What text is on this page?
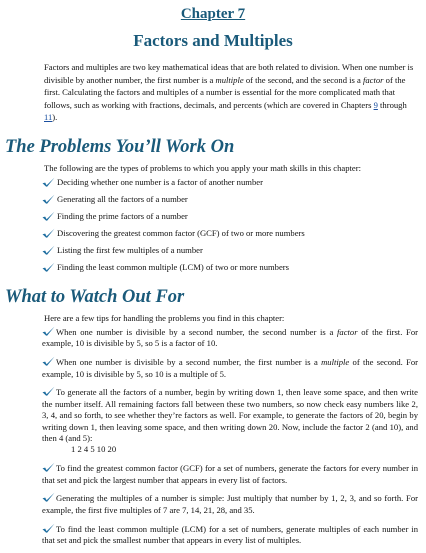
Chapter 7
Factors and Multiples

Factors and multiples are two key mathematical ideas that are both related to division. When one number is divisible by another number, the first number is a multiple of the second, and the second is a factor of the first. Calculating the factors and multiples of a number is essential for the more complicated math that follows, such as working with fractions, decimals, and percents (which are covered in Chapters 9 through 11).

The Problems You’ll Work On

The following are the types of problems to which you apply your math skills in this chapter:

Deciding whether one number is a factor of another number
Generating all the factors of a number
Finding the prime factors of a number
Discovering the greatest common factor (GCF) of two or more numbers
Listing the first few multiples of a number
Finding the least common multiple (LCM) of two or more numbers
What to Watch Out For

Here are a few tips for handling the problems you find in this chapter:

When one number is divisible by a second number, the second number is a factor of the first. For example, 10 is divisible by 5, so 5 is a factor of 10.
When one number is divisible by a second number, the first number is a multiple of the second. For example, 10 is divisible by 5, so 10 is a multiple of 5.
To generate all the factors of a number, begin by writing down 1, then leave some space, and then write the number itself. All remaining factors fall between these two numbers, so now check easy numbers like 2, 3, 4, and so forth, to see whether they’re factors as well. For example, to generate the factors of 20, begin by writing down 1, then leaving some space, and then writing down 20. Now, include the factor 2 (and 10), and then 4 (and 5):
1 2 4 5 10 20
To find the greatest common factor (GCF) for a set of numbers, generate the factors for every number in that set and pick the largest number that appears in every list of factors.
Generating the multiples of a number is simple: Just multiply that number by 1, 2, 3, and so forth. For example, the first five multiples of 7 are 7, 14, 21, 28, and 35.
To find the least common multiple (LCM) for a set of numbers, generate multiples of each number in that set and pick the smallest number that appears in every list of multiples.
